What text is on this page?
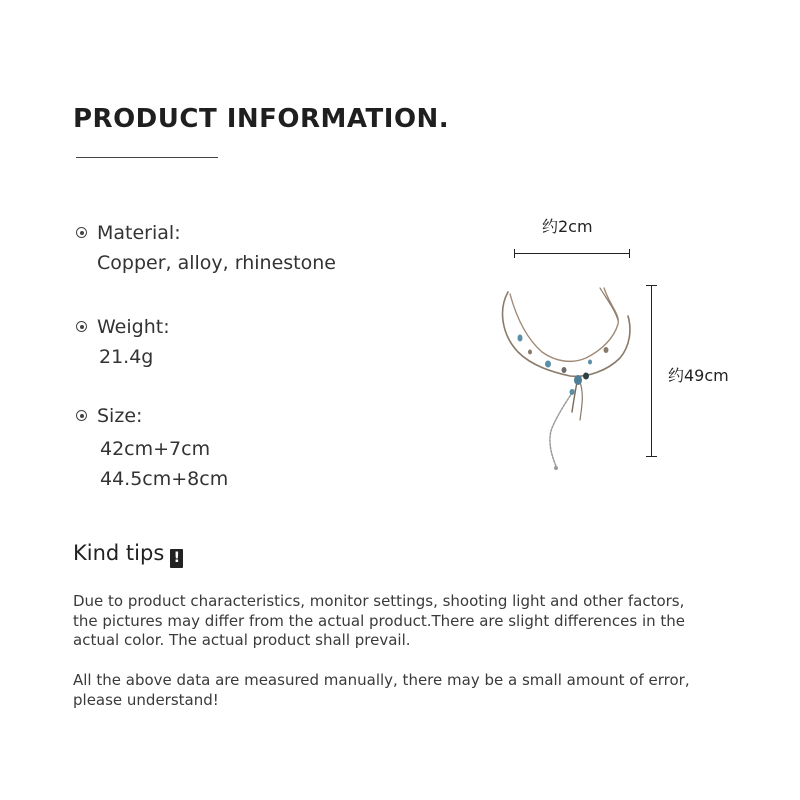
PRODUCT INFORMATION.
Material:
Copper, alloy, rhinestone
Weight:
21.4g
Size:
42cm+7cm
44.5cm+8cm
约2cm
约49cm
Kind tips !
Due to product characteristics, monitor settings, shooting light and other factors, the pictures may differ from the actual product.There are slight differences in the actual color. The actual product shall prevail.
All the above data are measured manually, there may be a small amount of error, please understand!
